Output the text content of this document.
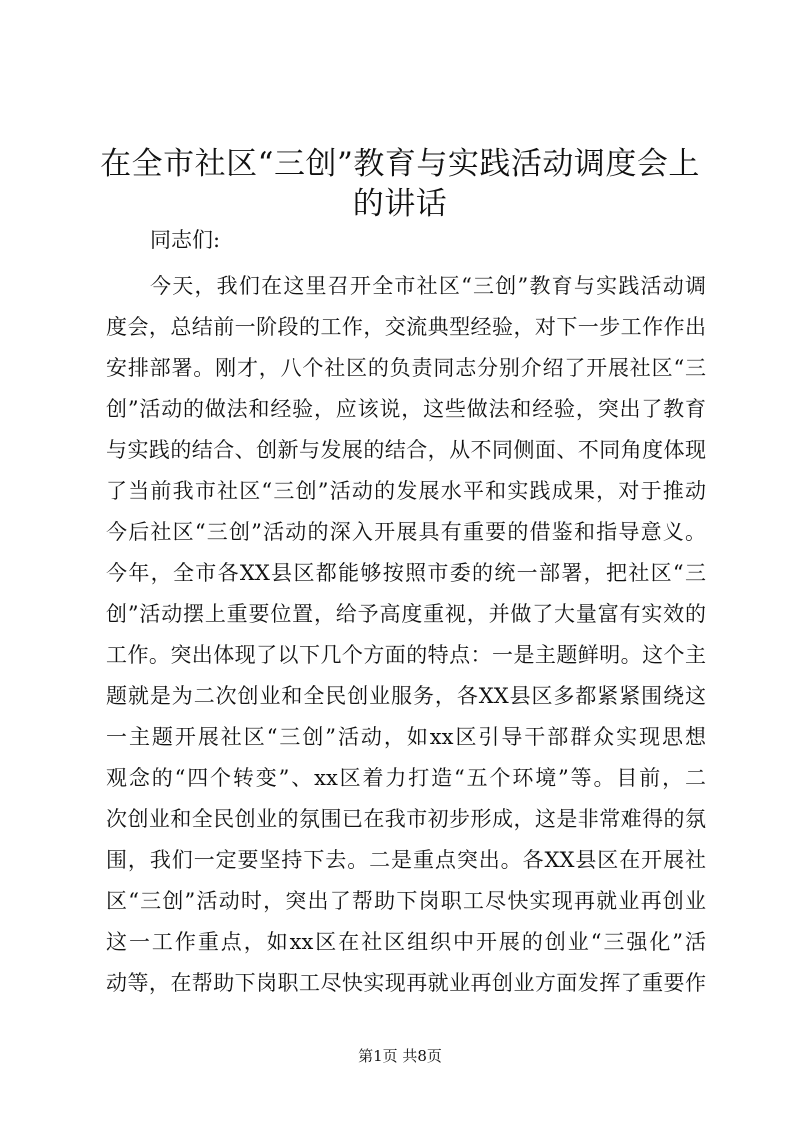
在全市社区“三创”教育与实践活动调度会上
的讲话

同志们:

今天，我们在这里召开全市社区“三创”教育与实践活动调

度会，总结前一阶段的工作，交流典型经验，对下一步工作作出

安排部署。刚才，八个社区的负责同志分别介绍了开展社区“三

创”活动的做法和经验，应该说，这些做法和经验，突出了教育

与实践的结合、创新与发展的结合，从不同侧面、不同角度体现

了当前我市社区“三创”活动的发展水平和实践成果，对于推动

今后社区“三创”活动的深入开展具有重要的借鉴和指导意义。

今年，全市各XX县区都能够按照市委的统一部署，把社区“三

创”活动摆上重要位置，给予高度重视，并做了大量富有实效的

工作。突出体现了以下几个方面的特点：一是主题鲜明。这个主

题就是为二次创业和全民创业服务，各XX县区多都紧紧围绕这

一主题开展社区“三创”活动，如xx区引导干部群众实现思想

观念的“四个转变”、xx区着力打造“五个环境”等。目前，二

次创业和全民创业的氛围已在我市初步形成，这是非常难得的氛

围，我们一定要坚持下去。二是重点突出。各XX县区在开展社

区“三创”活动时，突出了帮助下岗职工尽快实现再就业再创业

这一工作重点，如xx区在社区组织中开展的创业“三强化”活

动等，在帮助下岗职工尽快实现再就业再创业方面发挥了重要作

第1页 共8页
